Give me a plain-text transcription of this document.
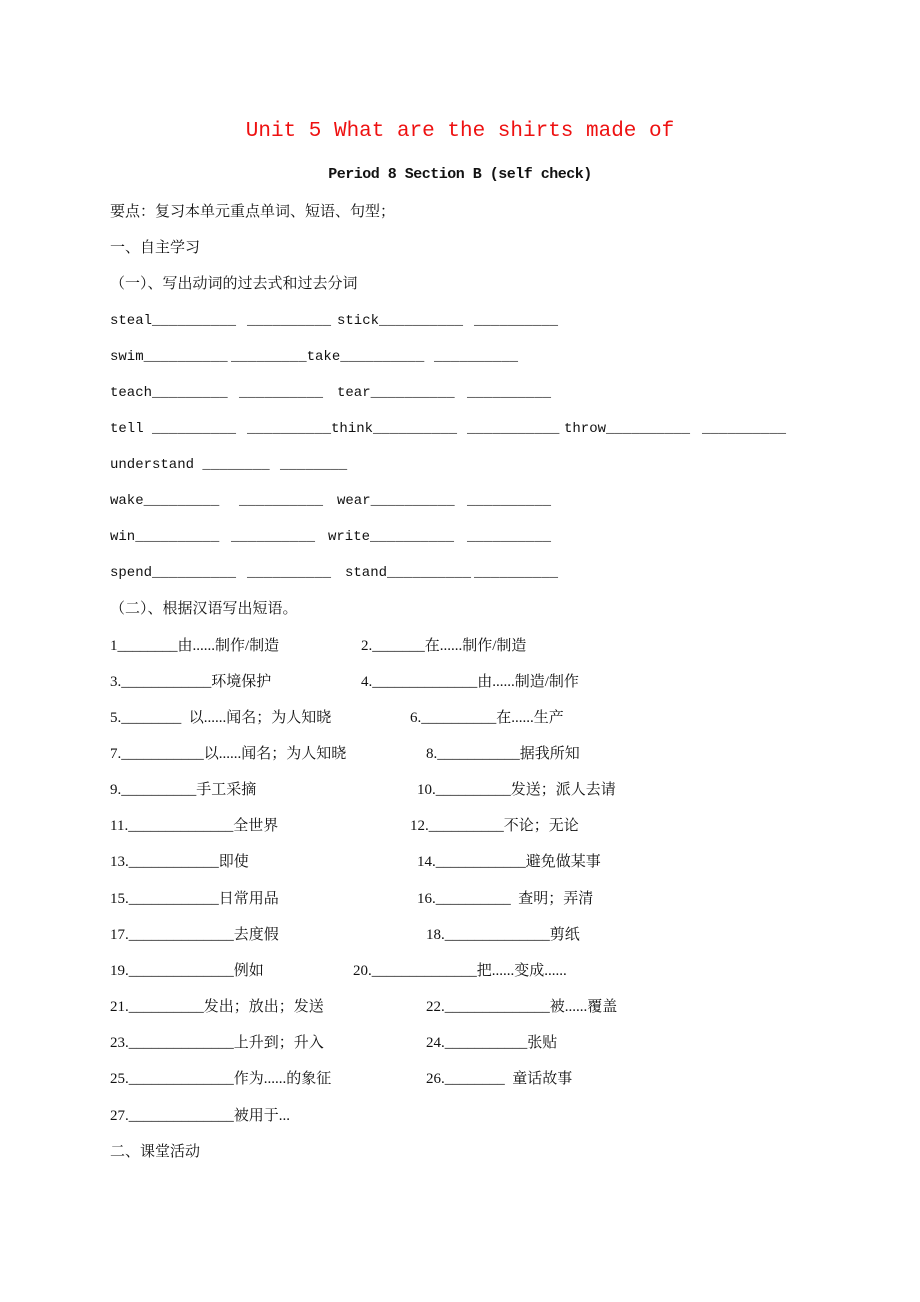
Unit 5 What are the shirts made of
Period 8 Section B (self check)
要点：复习本单元重点单词、短语、句型；
一、自主学习
（一）、写出动词的过去式和过去分词
steal__________ __________ stick__________ __________
swim__________ _________take__________ __________
teach_________ __________ tear__________ __________
tell __________ __________think__________ ___________ throw__________ __________
understand ________ ________
wake_________ __________ wear__________ __________
win__________ __________ write__________ __________
spend__________ __________ stand__________ __________
（二）、根据汉语写出短语。
1________由......制作/制造	2._______在......制作/制造
3.____________环境保护	4.______________由......制造/制作
5.________  以......闻名；为人知晓	6.__________在......生产
7.___________以......闻名；为人知晓	8.___________据我所知
9.__________手工采摘	10.__________发送；派人去请
11.______________全世界	12.__________不论；无论
13.____________即使	14.____________避免做某事
15.____________日常用品	16.__________  查明；弄清
17.______________去度假	18.______________剪纸
19.______________例如	20.______________把......变成......
21.__________发出；放出；发送	22.______________被......覆盖
23.______________上升到；升入	24.___________张贴
25.______________作为......的象征	26.________  童话故事
27.______________被用于...
二、课堂活动
